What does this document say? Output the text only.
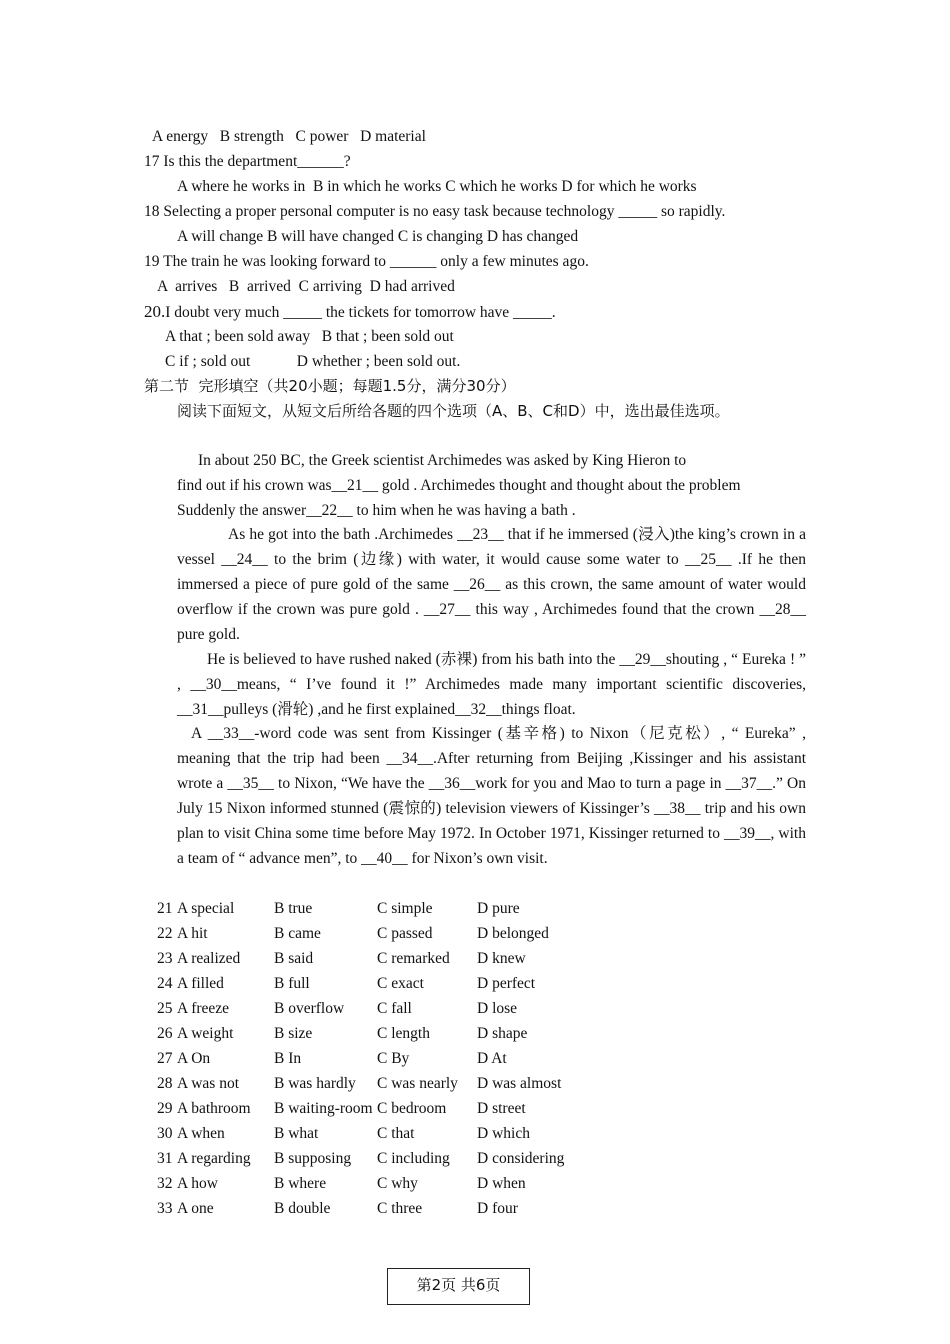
A energy   B strength   C power   D material
17 Is this the department______?
A where he works in  B in which he works C which he works D for which he works
18 Selecting a proper personal computer is no easy task because technology _____ so rapidly.
A will change B will have changed C is changing D has changed
19 The train he was looking forward to ______ only a few minutes ago.
A  arrives   B  arrived  C arriving  D had arrived
20.I doubt very much _____ the tickets for tomorrow have _____.
A that ; been sold away   B that ; been sold out
C if ; sold out            D whether ; been sold out.
第二节  完形填空（共20小题；每题1.5分，满分30分）
阅读下面短文，从短文后所给各题的四个选项（A、B、C和D）中，选出最佳选项。
In about 250 BC, the Greek scientist Archimedes was asked by King Hieron to
find out if his crown was__21__ gold . Archimedes thought and thought about the problem
Suddenly the answer__22__ to him when he was having a bath .
As he got into the bath .Archimedes __23__ that if he immersed (浸入)the king’s crown in a vessel __24__ to the brim (边缘) with water, it would cause some water to __25__ .If he then immersed a piece of pure gold of the same __26__ as this crown, the same amount of water would overflow if the crown was pure gold . __27__ this way , Archimedes found that the crown __28__ pure gold.
He is believed to have rushed naked (赤裸) from his bath into the __29__shouting , “ Eureka ! ” , __30__means, “ I’ve found it !” Archimedes made many important scientific discoveries, __31__pulleys (滑轮) ,and he first explained__32__things float.
A __33__-word code was sent from Kissinger (基辛格) to Nixon（尼克松）, “ Eureka” , meaning that the trip had been __34__.After returning from Beijing ,Kissinger and his assistant wrote a __35__ to Nixon, “We have the __36__work for you and Mao to turn a page in __37__.” On July 15 Nixon informed stunned (震惊的) television viewers of Kissinger’s __38__ trip and his own plan to visit China some time before May 1972. In October 1971, Kissinger returned to __39__, with a team of “ advance men”, to __40__ for Nixon’s own visit.
21 A special	B true	C simple	D pure
22 A hit	B came	C passed	D belonged
23 A realized B said	C remarked D knew
24 A filled	B full	C exact	D perfect
25 A freeze	B overflow C fall	D lose
26 A weight	B size	C length	D shape
27 A On	B In	C By	D At
28 A was not B was hardly C was nearly D was almost
29 A bathroom B waiting-room C bedroom D street
30 A when	B what	C that	D which
31 A regarding B supposing C including D considering
32 A how	B where	C why	D when
33 A one	B double	C three	D four
第2页 共6页
